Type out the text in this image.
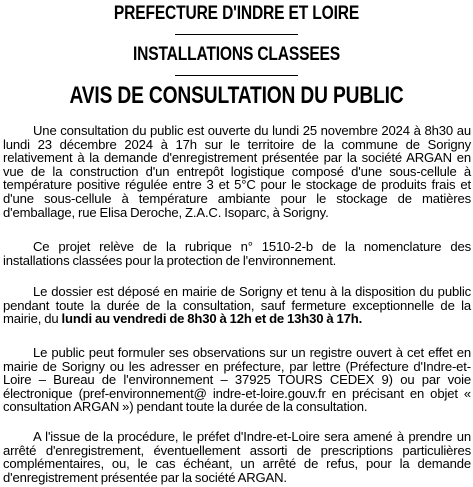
PREFECTURE D'INDRE ET LOIRE
INSTALLATIONS CLASSEES
AVIS DE CONSULTATION DU PUBLIC
Une consultation du public est ouverte du lundi 25 novembre 2024 à 8h30 au lundi 23 décembre 2024 à 17h sur le territoire de la commune de Sorigny relativement à la demande d'enregistrement présentée par la société ARGAN en vue de la construction d'un entrepôt logistique composé d'une sous-cellule à température positive régulée entre 3 et 5°C pour le stockage de produits frais et d'une sous-cellule à température ambiante pour le stockage de matières d'emballage, rue Elisa Deroche, Z.A.C. Isoparc, à Sorigny.
Ce projet relève de la rubrique n° 1510-2-b de la nomenclature des installations classées pour la protection de l'environnement.
Le dossier est déposé en mairie de Sorigny et tenu à la disposition du public pendant toute la durée de la consultation, sauf fermeture exceptionnelle de la mairie, du lundi au vendredi de 8h30 à 12h et de 13h30 à 17h.
Le public peut formuler ses observations sur un registre ouvert à cet effet en mairie de Sorigny ou les adresser en préfecture, par lettre (Préfecture d'Indre-et-Loire – Bureau de l'environnement – 37925 TOURS CEDEX 9) ou par voie électronique (pref-environnement@ indre-et-loire.gouv.fr en précisant en objet « consultation ARGAN ») pendant toute la durée de la consultation.
A l'issue de la procédure, le préfet d'Indre-et-Loire sera amené à prendre un arrêté d'enregistrement, éventuellement assorti de prescriptions particulières complémentaires, ou, le cas échéant, un arrêté de refus, pour la demande d'enregistrement présentée par la société ARGAN.
